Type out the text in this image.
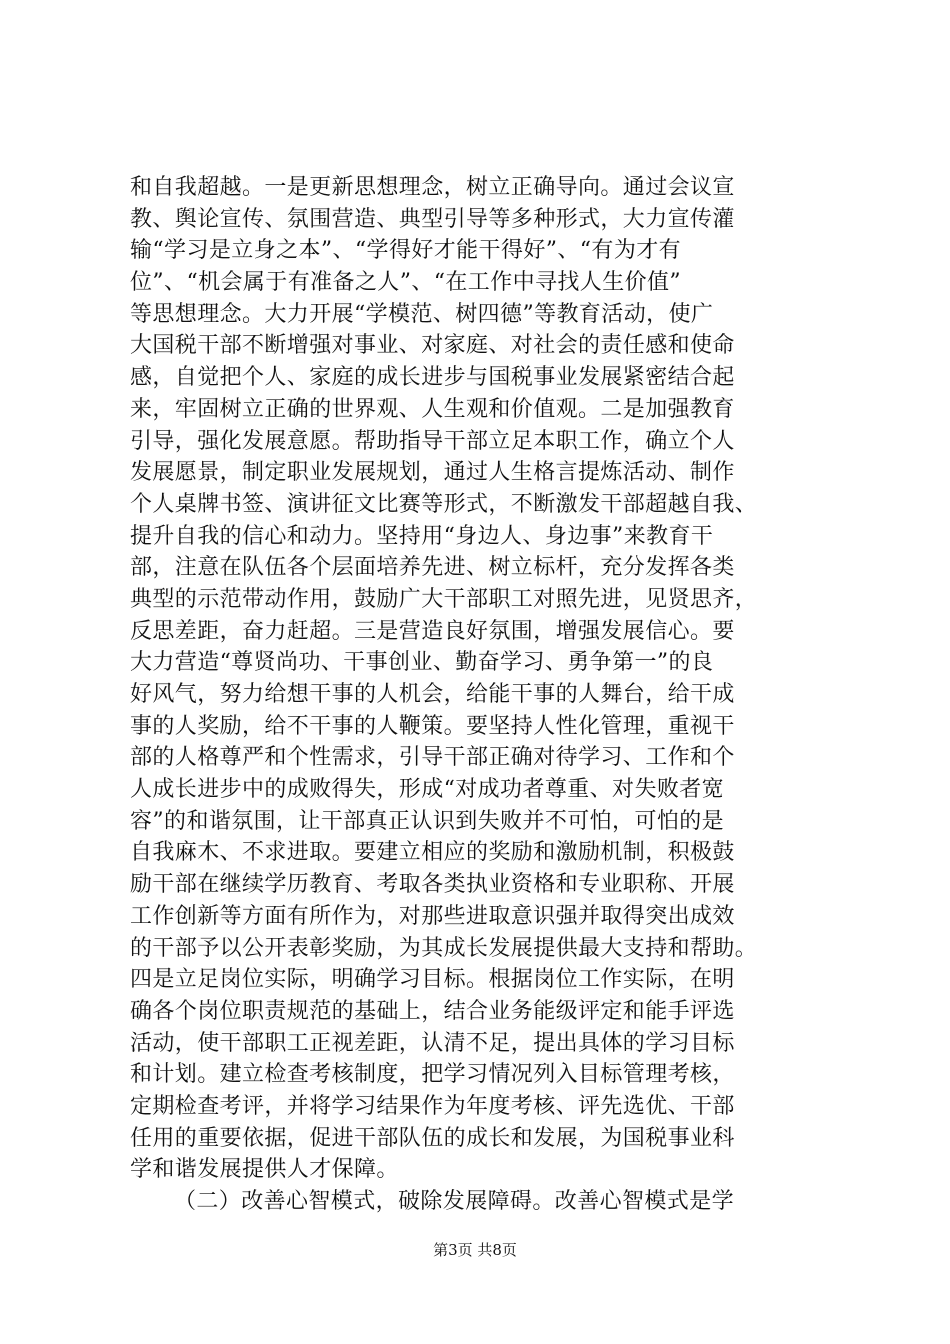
和自我超越。一是更新思想理念，树立正确导向。通过会议宣
教、舆论宣传、氛围营造、典型引导等多种形式，大力宣传灌
输“学习是立身之本”、“学得好才能干得好”、“有为才有
位”、“机会属于有准备之人”、“在工作中寻找人生价值”
等思想理念。大力开展“学模范、树四德”等教育活动，使广
大国税干部不断增强对事业、对家庭、对社会的责任感和使命
感，自觉把个人、家庭的成长进步与国税事业发展紧密结合起
来，牢固树立正确的世界观、人生观和价值观。二是加强教育
引导，强化发展意愿。帮助指导干部立足本职工作，确立个人
发展愿景，制定职业发展规划，通过人生格言提炼活动、制作
个人桌牌书签、演讲征文比赛等形式，不断激发干部超越自我、
提升自我的信心和动力。坚持用“身边人、身边事”来教育干
部，注意在队伍各个层面培养先进、树立标杆，充分发挥各类
典型的示范带动作用，鼓励广大干部职工对照先进，见贤思齐，
反思差距，奋力赶超。三是营造良好氛围，增强发展信心。要
大力营造“尊贤尚功、干事创业、勤奋学习、勇争第一”的良
好风气，努力给想干事的人机会，给能干事的人舞台，给干成
事的人奖励，给不干事的人鞭策。要坚持人性化管理，重视干
部的人格尊严和个性需求，引导干部正确对待学习、工作和个
人成长进步中的成败得失，形成“对成功者尊重、对失败者宽
容”的和谐氛围，让干部真正认识到失败并不可怕，可怕的是
自我麻木、不求进取。要建立相应的奖励和激励机制，积极鼓
励干部在继续学历教育、考取各类执业资格和专业职称、开展
工作创新等方面有所作为，对那些进取意识强并取得突出成效
的干部予以公开表彰奖励，为其成长发展提供最大支持和帮助。
四是立足岗位实际，明确学习目标。根据岗位工作实际，在明
确各个岗位职责规范的基础上，结合业务能级评定和能手评选
活动，使干部职工正视差距，认清不足，提出具体的学习目标
和计划。建立检查考核制度，把学习情况列入目标管理考核，
定期检查考评，并将学习结果作为年度考核、评先选优、干部
任用的重要依据，促进干部队伍的成长和发展，为国税事业科
学和谐发展提供人才保障。
（二）改善心智模式，破除发展障碍。改善心智模式是学
第3页 共8页
